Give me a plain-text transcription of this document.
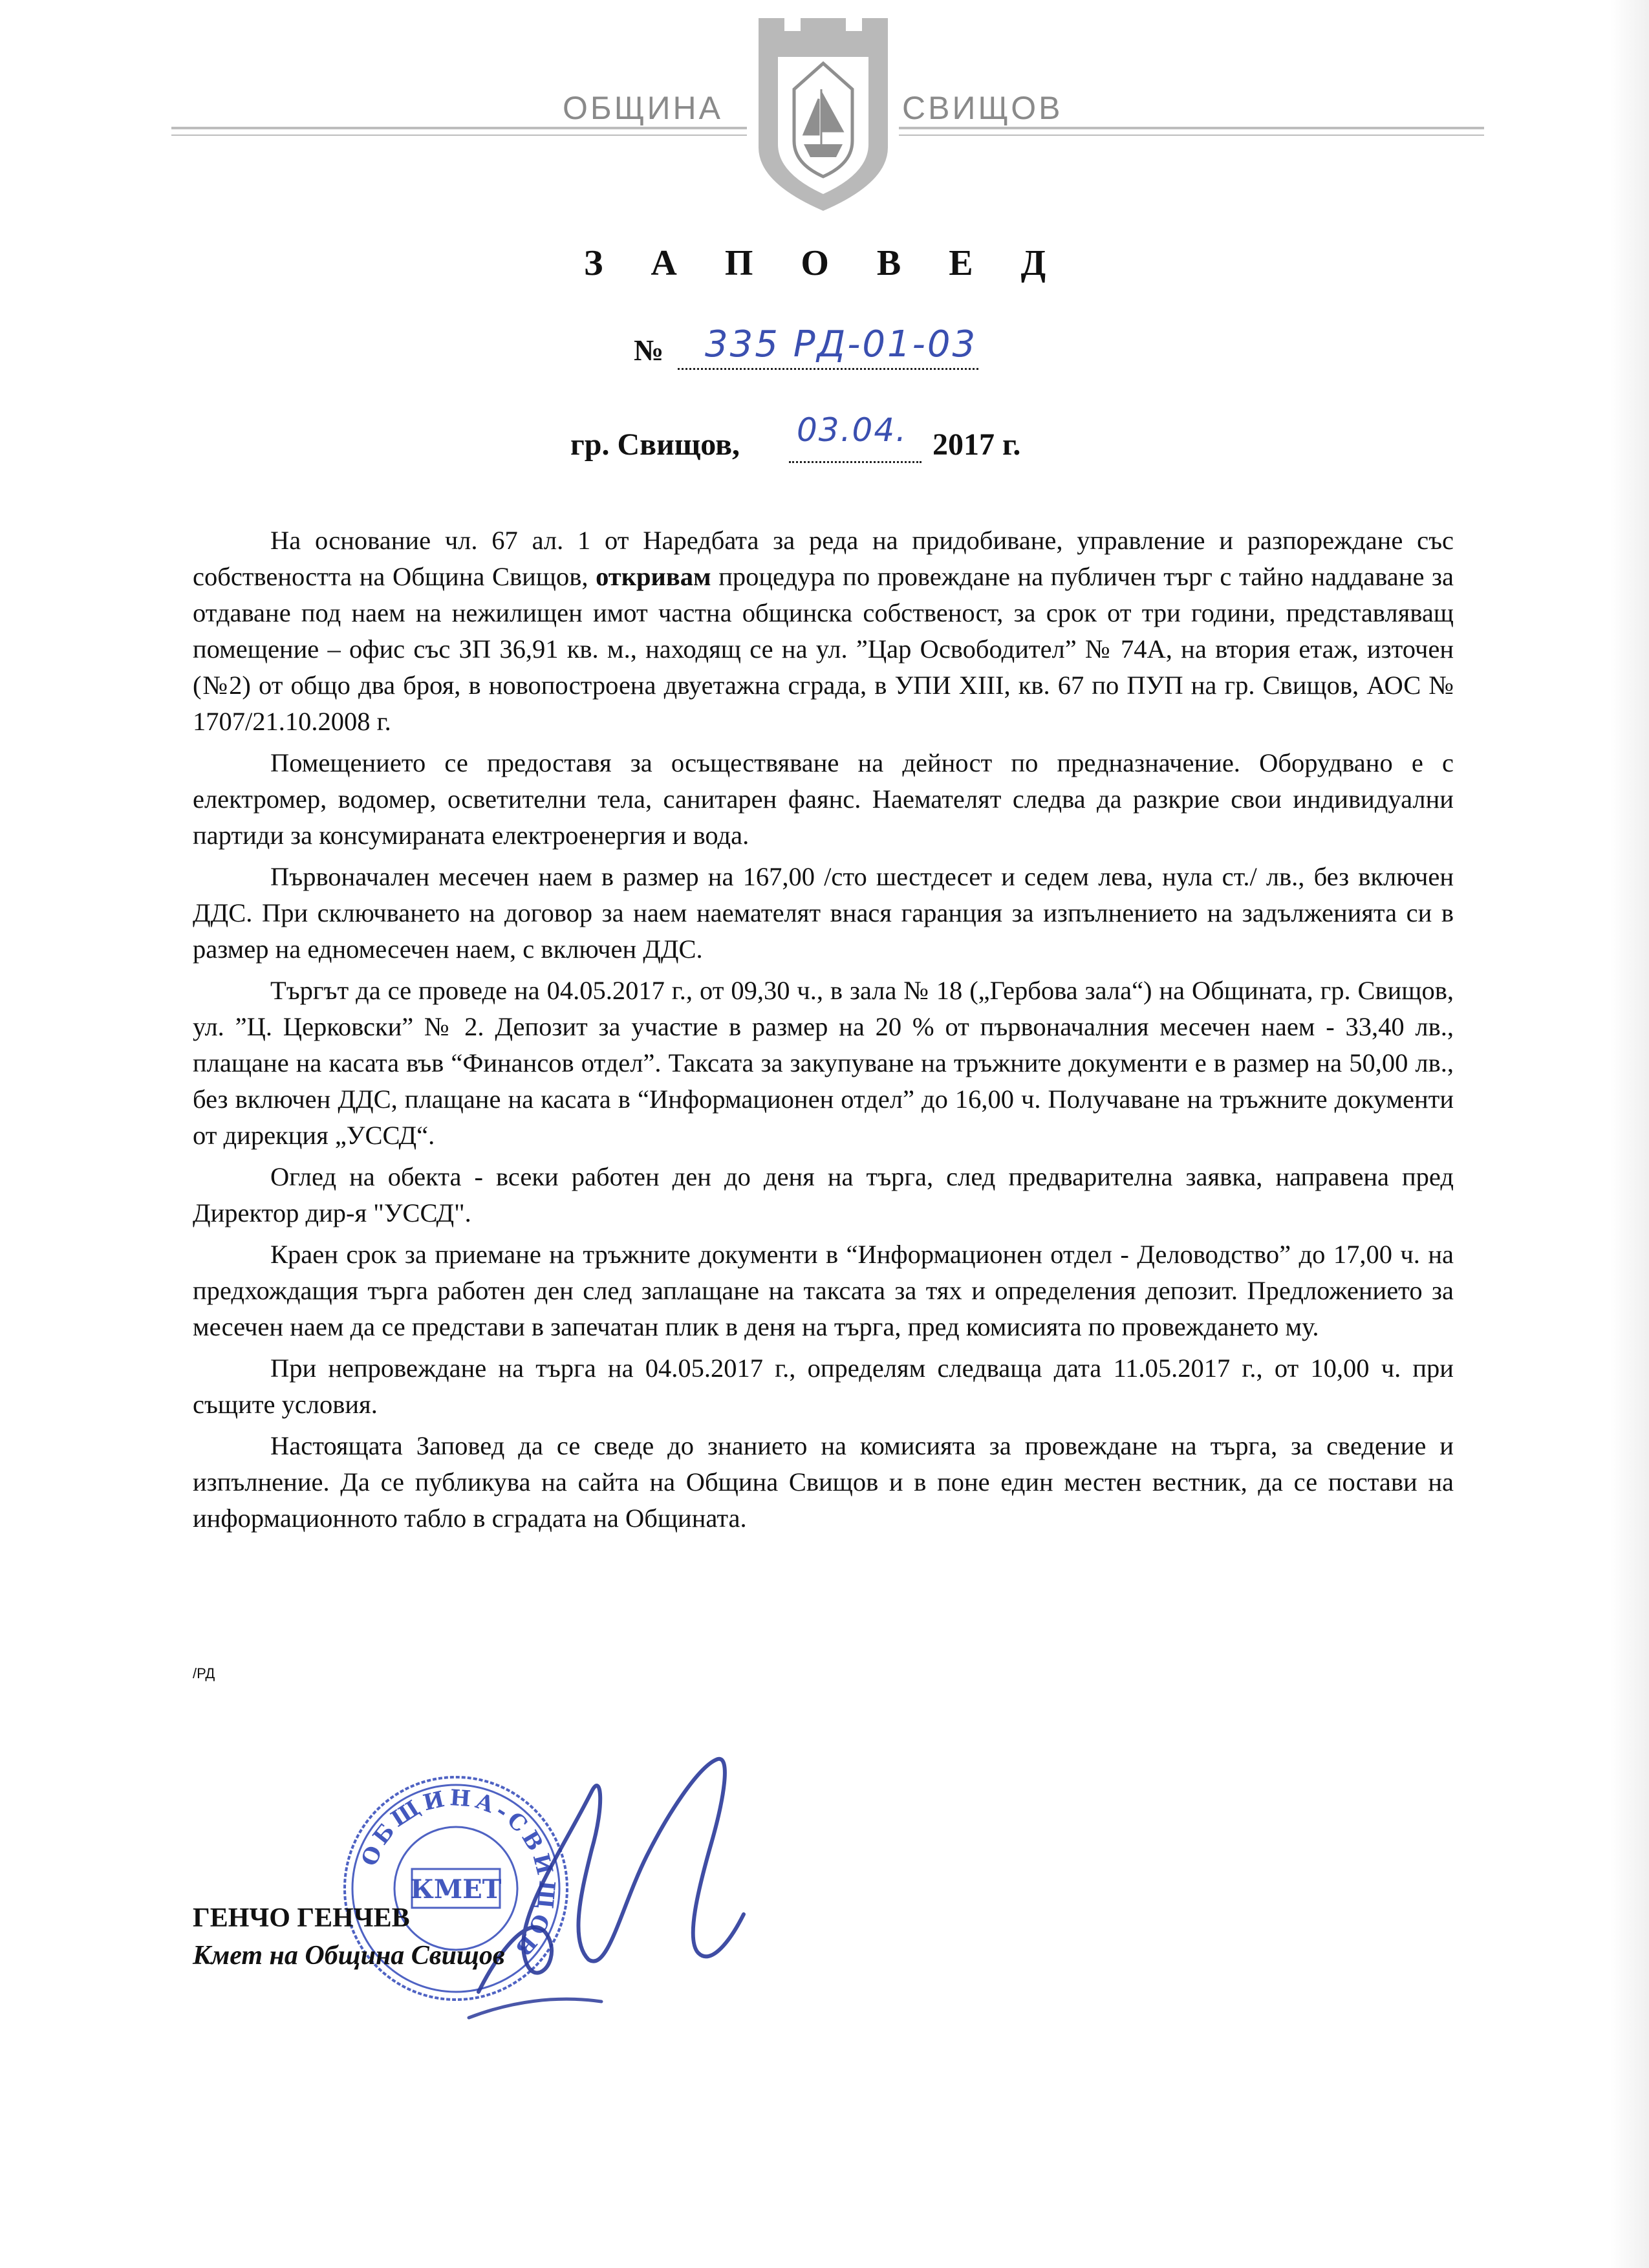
ОБЩИНА	СВИЩОВ
З А П О В Е Д
№ 335 РД-01-03
гр. Свищов, 03.04. 2017 г.

На основание чл. 67 ал. 1 от Наредбата за реда на придобиване, управление и разпореждане със собствеността на Община Свищов, откривам процедура по провеждане на публичен търг с тайно наддаване за отдаване под наем на нежилищен имот частна общинска собственост, за срок от три години, представляващ помещение – офис със ЗП 36,91 кв. м., находящ се на ул. ”Цар Освободител” № 74А, на втория етаж, източен (№2) от общо два броя, в новопостроена двуетажна сграда, в УПИ XIII, кв. 67 по ПУП на гр. Свищов, АОС № 1707/21.10.2008 г.

Помещението се предоставя за осъществяване на дейност по предназначение. Оборудвано е с електромер, водомер, осветителни тела, санитарен фаянс. Наемателят следва да разкрие свои индивидуални партиди за консумираната електроенергия и вода.

Първоначален месечен наем в размер на 167,00 /сто шестдесет и седем лева, нула ст./ лв., без включен ДДС. При сключването на договор за наем наемателят внася гаранция за изпълнението на задълженията си в размер на едномесечен наем, с включен ДДС.

Търгът да се проведе на 04.05.2017 г., от 09,30 ч., в зала № 18 („Гербова зала“) на Общината, гр. Свищов, ул. ”Ц. Церковски” № 2. Депозит за участие в размер на 20 % от първоначалния месечен наем - 33,40 лв., плащане на касата във “Финансов отдел”. Таксата за закупуване на тръжните документи е в размер на 50,00 лв., без включен ДДС, плащане на касата в “Информационен отдел” до 16,00 ч. Получаване на тръжните документи от дирекция „УССД“.

Оглед на обекта - всеки работен ден до деня на търга, след предварителна заявка, направена пред Директор дир-я "УССД".

Краен срок за приемане на тръжните документи в “Информационен отдел - Деловодство” до 17,00 ч. на предхождащия търга работен ден след заплащане на таксата за тях и определения депозит. Предложението за месечен наем да се представи в запечатан плик в деня на търга, пред комисията по провеждането му.

При непровеждане на търга на 04.05.2017 г., определям следваща дата 11.05.2017 г., от 10,00 ч. при същите условия.

Настоящата Заповед да се сведе до знанието на комисията за провеждане на търга, за сведение и изпълнение. Да се публикува на сайта на Община Свищов и в поне един местен вестник, да се постави на информационното табло в сградата на Общината.

/РД
ОБЩИНА-СВИЩОВ
КМЕТ
ГЕНЧО ГЕНЧЕВ
Кмет на Община Свищов
